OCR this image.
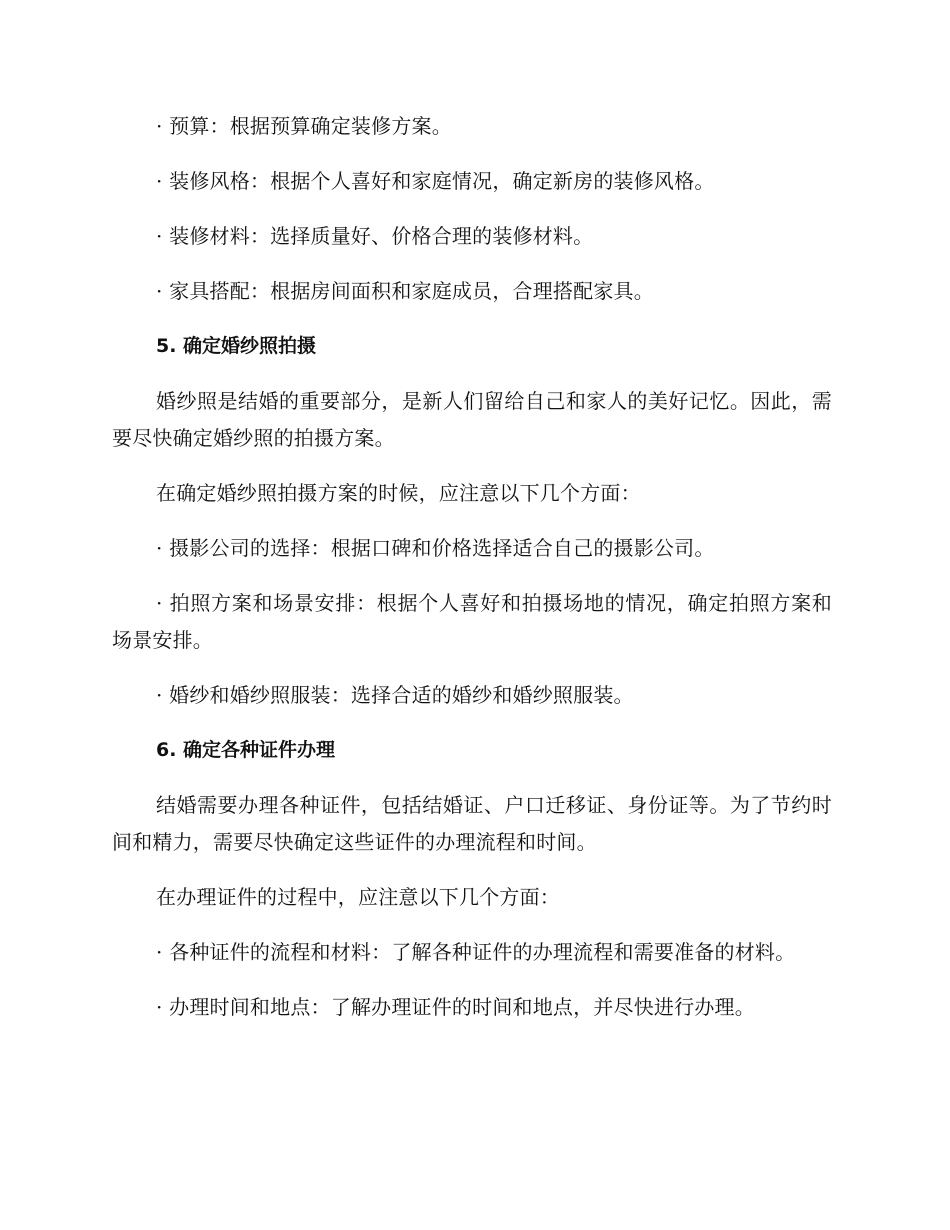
· 预算：根据预算确定装修方案。

· 装修风格：根据个人喜好和家庭情况，确定新房的装修风格。

· 装修材料：选择质量好、价格合理的装修材料。

· 家具搭配：根据房间面积和家庭成员，合理搭配家具。

5. 确定婚纱照拍摄

婚纱照是结婚的重要部分，是新人们留给自己和家人的美好记忆。因此，需要尽快确定婚纱照的拍摄方案。

在确定婚纱照拍摄方案的时候，应注意以下几个方面：

· 摄影公司的选择：根据口碑和价格选择适合自己的摄影公司。

· 拍照方案和场景安排：根据个人喜好和拍摄场地的情况，确定拍照方案和场景安排。

· 婚纱和婚纱照服装：选择合适的婚纱和婚纱照服装。

6. 确定各种证件办理

结婚需要办理各种证件，包括结婚证、户口迁移证、身份证等。为了节约时间和精力，需要尽快确定这些证件的办理流程和时间。

在办理证件的过程中，应注意以下几个方面：

· 各种证件的流程和材料：了解各种证件的办理流程和需要准备的材料。

· 办理时间和地点：了解办理证件的时间和地点，并尽快进行办理。
